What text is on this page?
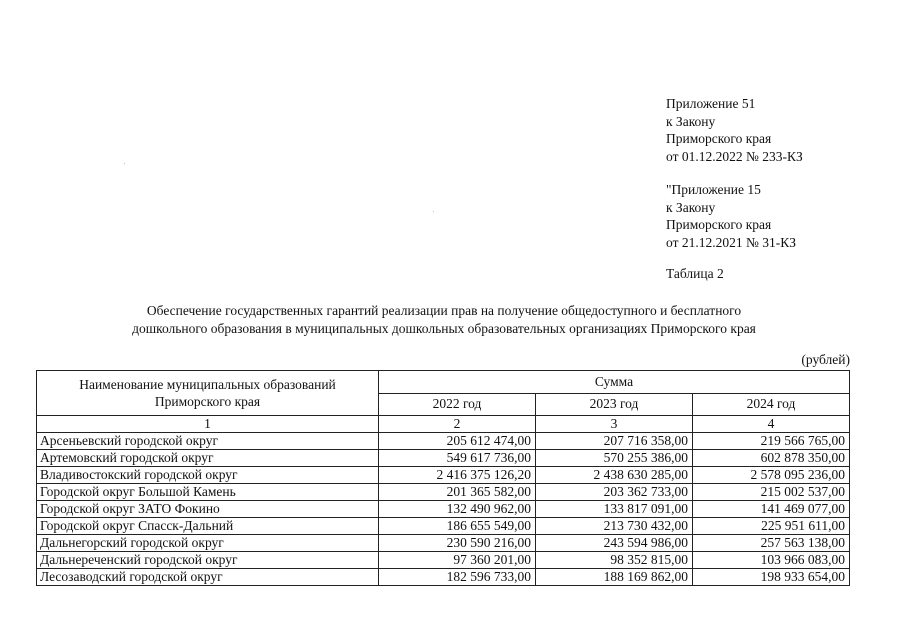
Приложение 51
к Закону
Приморского края
от 01.12.2022 № 233-КЗ
"Приложение 15
к Закону
Приморского края
от 21.12.2021 № 31-КЗ
Таблица 2
Обеспечение государственных гарантий реализации прав на получение общедоступного и бесплатного
дошкольного образования в муниципальных дошкольных образовательных организациях Приморского края
(рублей)
Наименование муниципальных образований Приморского края	Сумма		
	2022 год	2023 год	2024 год
1	2	3	4
Арсеньевский городской округ	205 612 474,00	207 716 358,00	219 566 765,00
Артемовский городской округ	549 617 736,00	570 255 386,00	602 878 350,00
Владивостокский городской округ	2 416 375 126,20	2 438 630 285,00	2 578 095 236,00
Городской округ Большой Камень	201 365 582,00	203 362 733,00	215 002 537,00
Городской округ ЗАТО Фокино	132 490 962,00	133 817 091,00	141 469 077,00
Городской округ Спасск-Дальний	186 655 549,00	213 730 432,00	225 951 611,00
Дальнегорский городской округ	230 590 216,00	243 594 986,00	257 563 138,00
Дальнереченский городской округ	97 360 201,00	98 352 815,00	103 966 083,00
Лесозаводский городской округ	182 596 733,00	188 169 862,00	198 933 654,00
